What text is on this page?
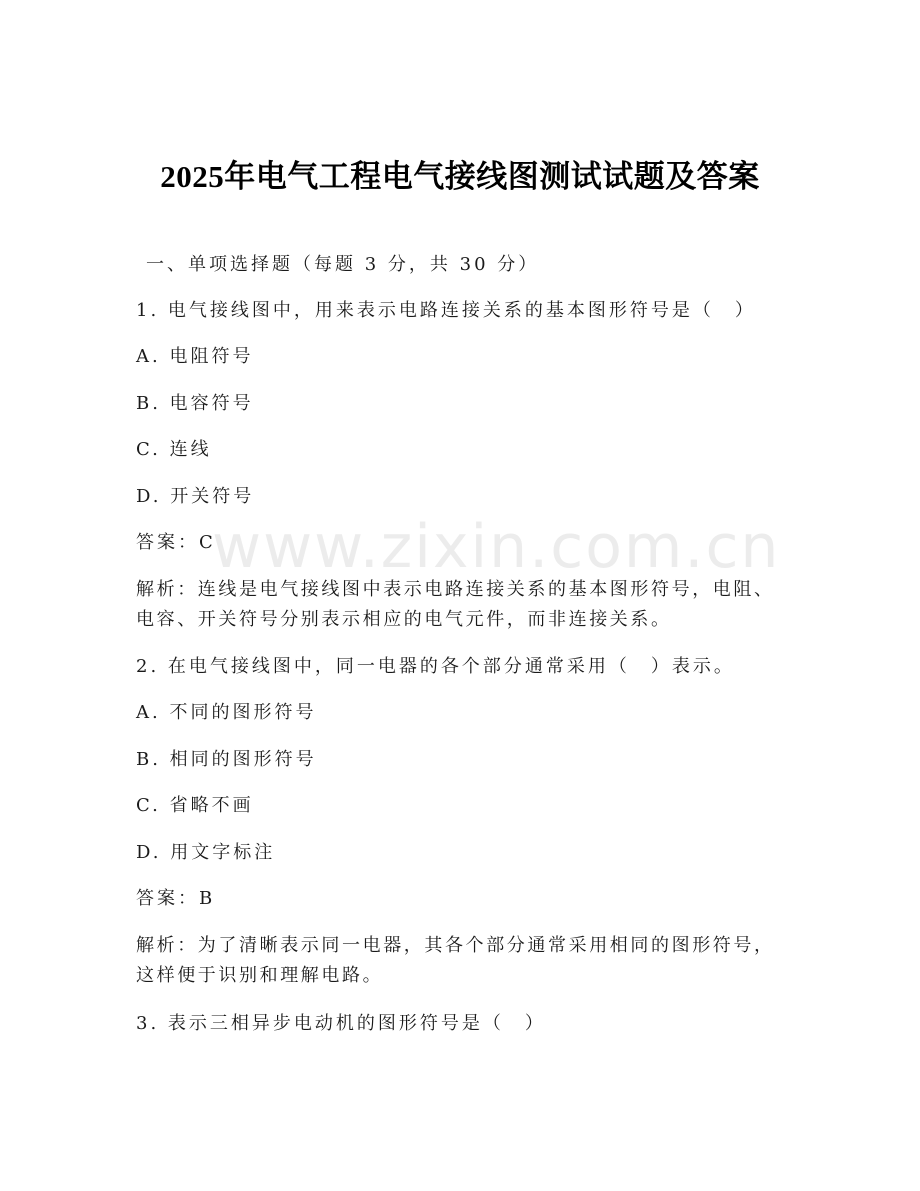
www.zixin.com.cn
2025年电气工程电气接线图测试试题及答案
一、单项选择题（每题 3 分，共 30 分）
1. 电气接线图中，用来表示电路连接关系的基本图形符号是（　）
A. 电阻符号
B. 电容符号
C. 连线
D. 开关符号
答案：C
解析：连线是电气接线图中表示电路连接关系的基本图形符号，电阻、电容、开关符号分别表示相应的电气元件，而非连接关系。
2. 在电气接线图中，同一电器的各个部分通常采用（　）表示。
A. 不同的图形符号
B. 相同的图形符号
C. 省略不画
D. 用文字标注
答案：B
解析：为了清晰表示同一电器，其各个部分通常采用相同的图形符号，这样便于识别和理解电路。
3. 表示三相异步电动机的图形符号是（　）
